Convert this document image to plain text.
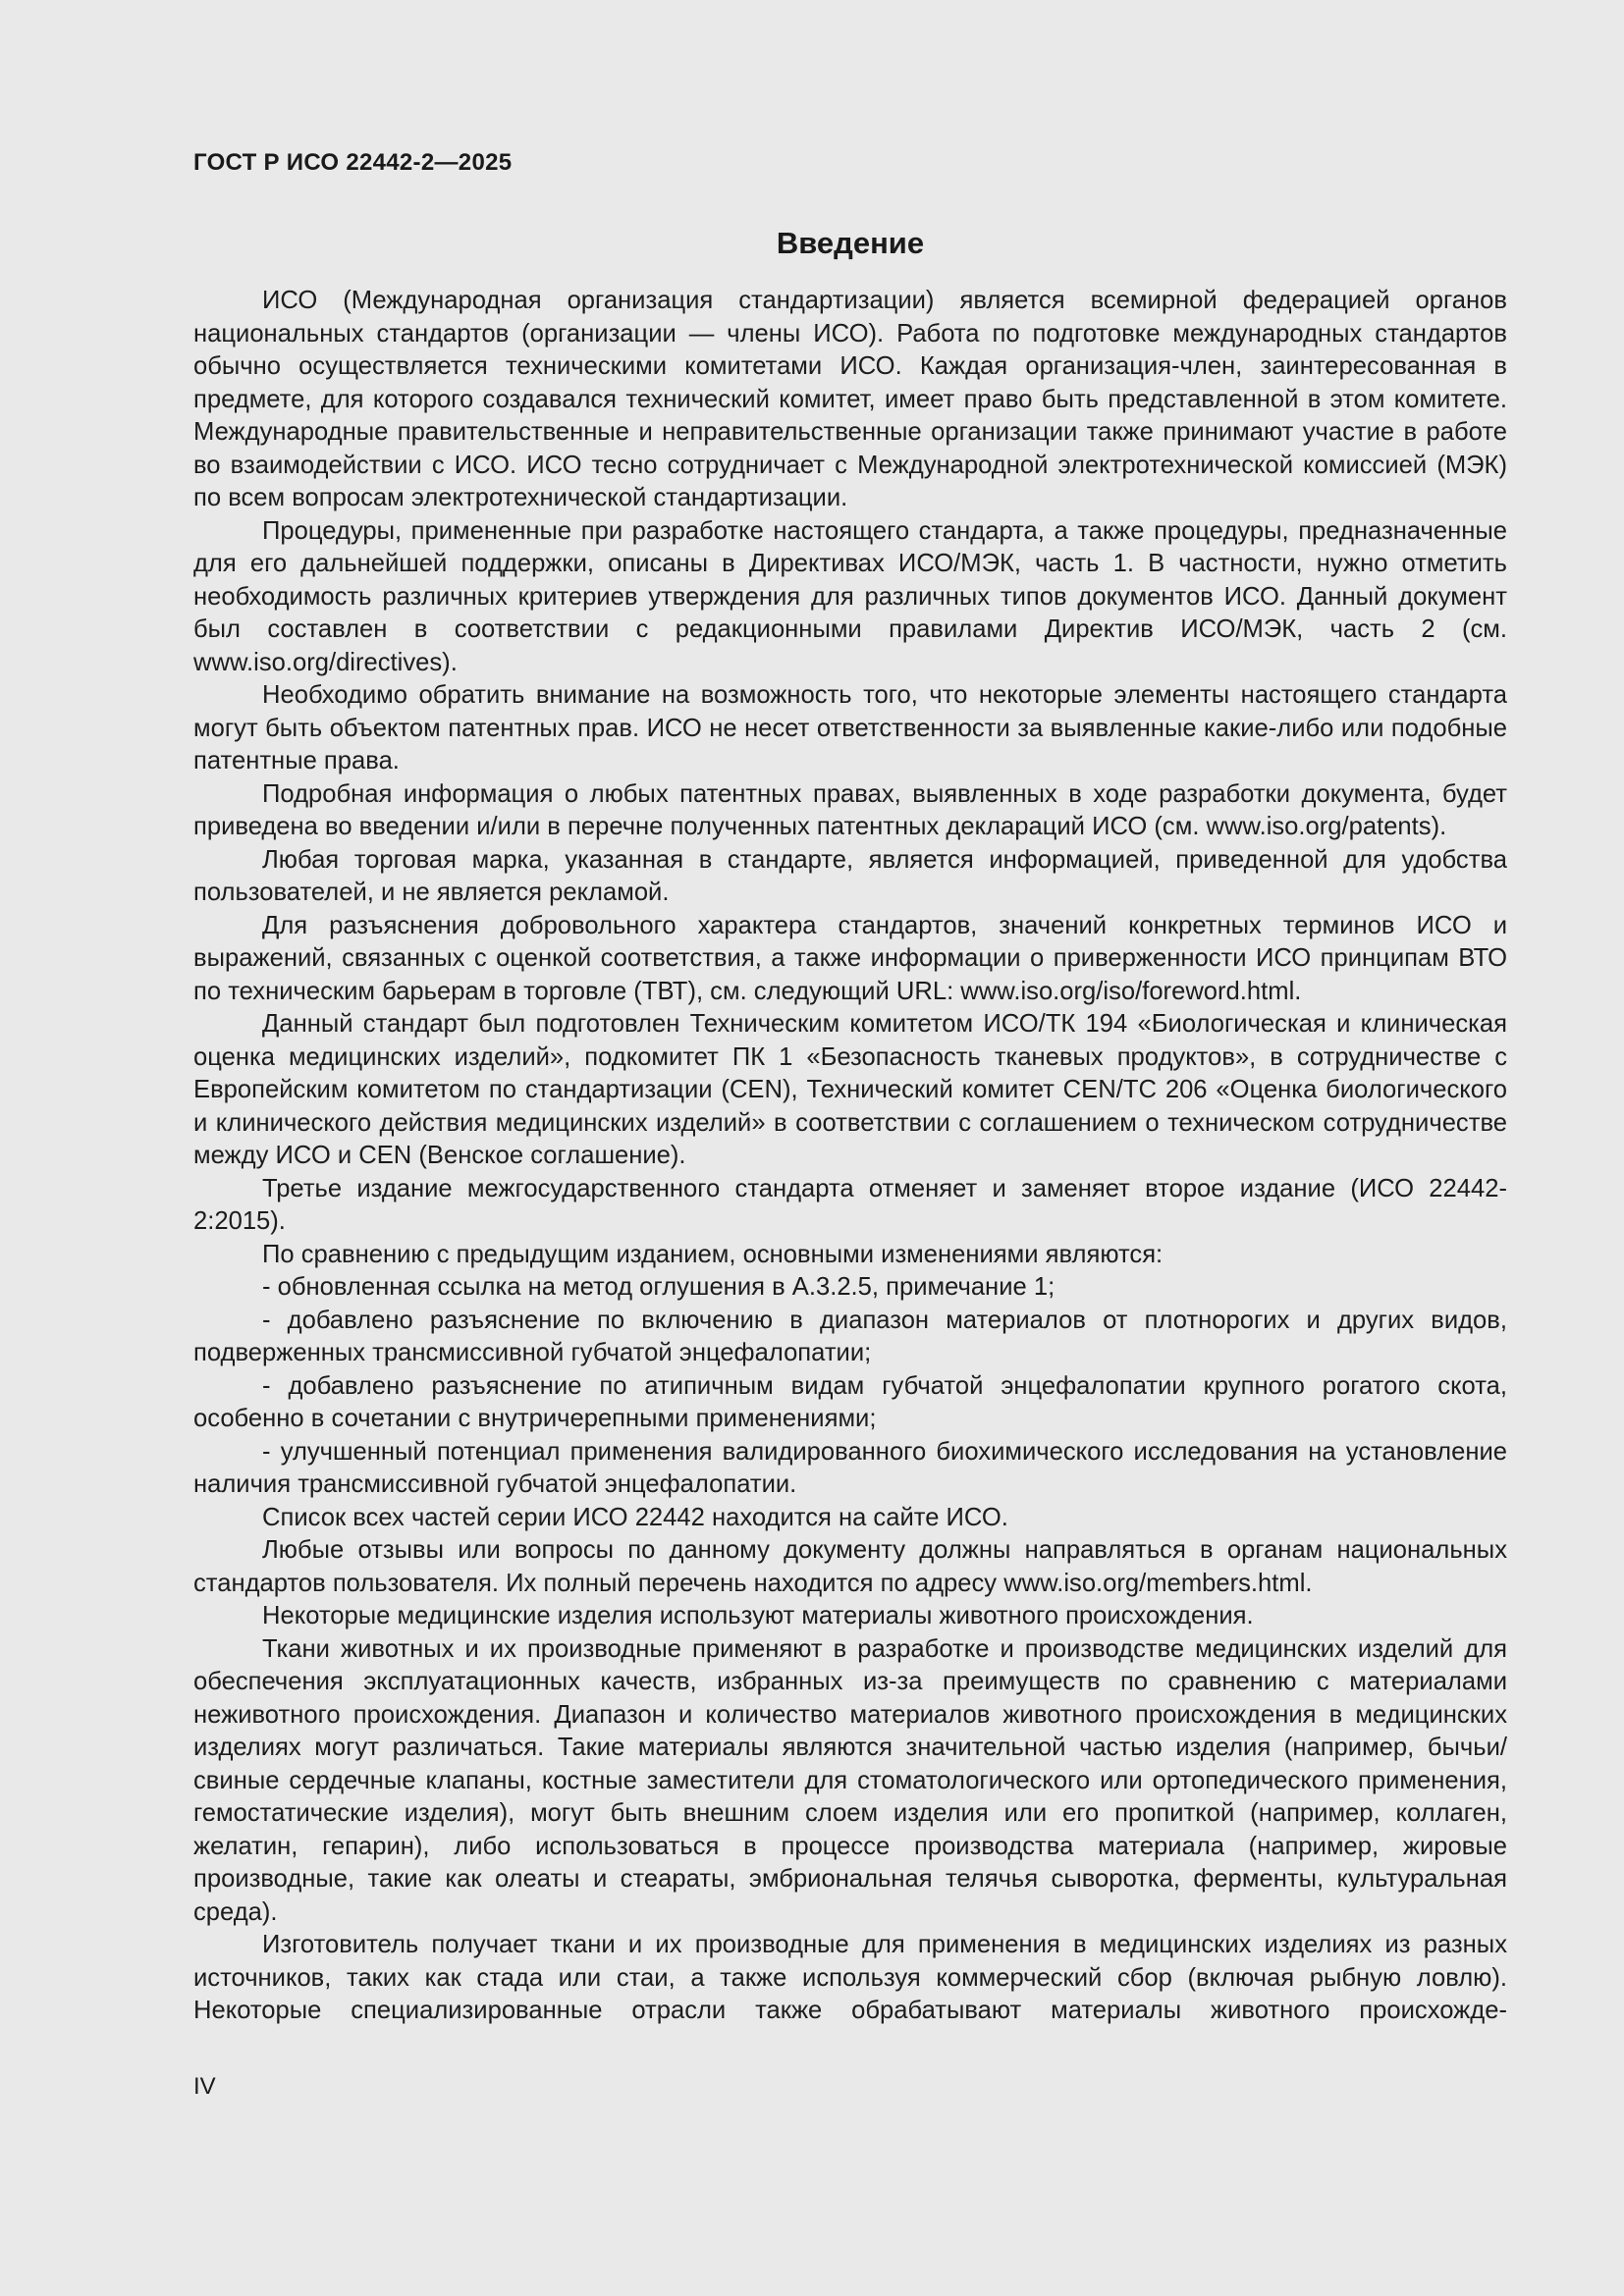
ГОСТ Р ИСО 22442-2—2025
Введение

ИСО (Международная организация стандартизации) является всемирной федерацией органов национальных стандартов (организации — члены ИСО). Работа по подготовке международных стандартов обычно осуществляется техническими комитетами ИСО. Каждая организация-член, заинтересованная в предмете, для которого создавался технический комитет, имеет право быть представленной в этом комитете. Международные правительственные и неправительственные организации также принимают участие в работе во взаимодействии с ИСО. ИСО тесно сотрудничает с Международной электротехнической комиссией (МЭК) по всем вопросам электротехнической стандартизации.

Процедуры, примененные при разработке настоящего стандарта, а также процедуры, предназначенные для его дальнейшей поддержки, описаны в Директивах ИСО/МЭК, часть 1. В частности, нужно отметить необходимость различных критериев утверждения для различных типов документов ИСО. Данный документ был составлен в соответствии с редакционными правилами Директив ИСО/МЭК, часть 2 (см. www.iso.org/directives).

Необходимо обратить внимание на возможность того, что некоторые элементы настоящего стандарта могут быть объектом патентных прав. ИСО не несет ответственности за выявленные какие-либо или подобные патентные права.

Подробная информация о любых патентных правах, выявленных в ходе разработки документа, будет приведена во введении и/или в перечне полученных патентных деклараций ИСО (см. www.iso.org/patents).

Любая торговая марка, указанная в стандарте, является информацией, приведенной для удобства пользователей, и не является рекламой.

Для разъяснения добровольного характера стандартов, значений конкретных терминов ИСО и выражений, связанных с оценкой соответствия, а также информации о приверженности ИСО принципам ВТО по техническим барьерам в торговле (ТВТ), см. следующий URL: www.iso.org/iso/foreword.html.

Данный стандарт был подготовлен Техническим комитетом ИСО/ТК 194 «Биологическая и клиническая оценка медицинских изделий», подкомитет ПК 1 «Безопасность тканевых продуктов», в сотрудничестве с Европейским комитетом по стандартизации (CEN), Технический комитет CEN/TC 206 «Оценка биологического и клинического действия медицинских изделий» в соответствии с соглашением о техническом сотрудничестве между ИСО и CEN (Венское соглашение).

Третье издание межгосударственного стандарта отменяет и заменяет второе издание (ИСО 22442-2:2015).

По сравнению с предыдущим изданием, основными изменениями являются:

- обновленная ссылка на метод оглушения в А.3.2.5, примечание 1;

- добавлено разъяснение по включению в диапазон материалов от плотнорогих и других видов, подверженных трансмиссивной губчатой энцефалопатии;

- добавлено разъяснение по атипичным видам губчатой энцефалопатии крупного рогатого скота, особенно в сочетании с внутричерепными применениями;

- улучшенный потенциал применения валидированного биохимического исследования на установление наличия трансмиссивной губчатой энцефалопатии.

Список всех частей серии ИСО 22442 находится на сайте ИСО.

Любые отзывы или вопросы по данному документу должны направляться в органам национальных стандартов пользователя. Их полный перечень находится по адресу www.iso.org/members.html.

Некоторые медицинские изделия используют материалы животного происхождения.

Ткани животных и их производные применяют в разработке и производстве медицинских изделий для обеспечения эксплуатационных качеств, избранных из-за преимуществ по сравнению с материалами неживотного происхождения. Диапазон и количество материалов животного происхождения в медицинских изделиях могут различаться. Такие материалы являются значительной частью изделия (например, бычьи/свиные сердечные клапаны, костные заместители для стоматологического или ортопедического применения, гемостатические изделия), могут быть внешним слоем изделия или его пропиткой (например, коллаген, желатин, гепарин), либо использоваться в процессе производства материала (например, жировые производные, такие как олеаты и стеараты, эмбриональная телячья сыворотка, ферменты, культуральная среда).

Изготовитель получает ткани и их производные для применения в медицинских изделиях из разных источников, таких как стада или стаи, а также используя коммерческий сбор (включая рыбную ловлю). Некоторые специализированные отрасли также обрабатывают материалы животного происхожде-

IV
